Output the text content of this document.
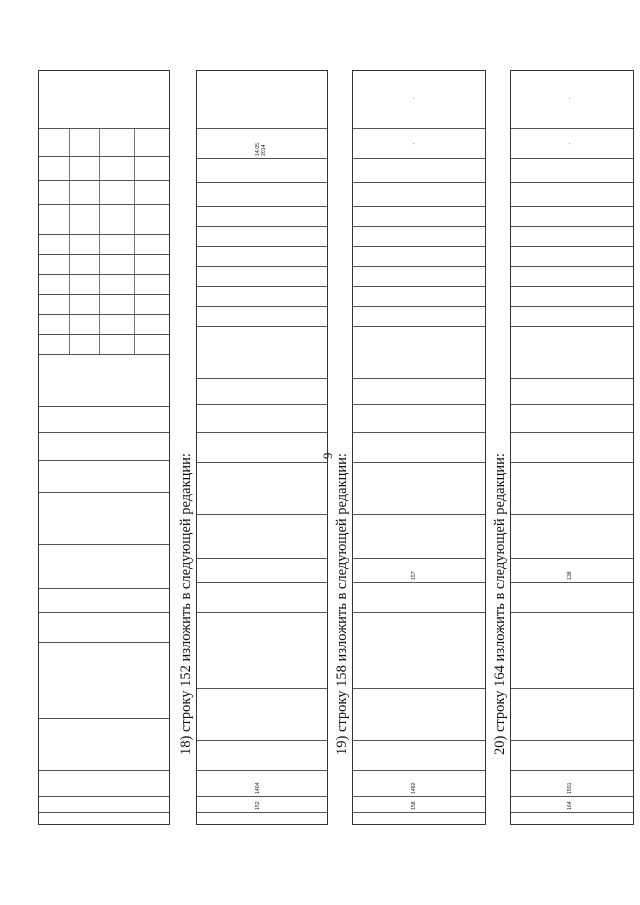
9
18) строку 152 изложить в следующей редакции:
152
1404
14.05.
2014
19) строку 158 изложить в следующей редакции:
158
1482
157
-
-
20) строку 164 изложить в следующей редакции:
164
1501
138
-
-
